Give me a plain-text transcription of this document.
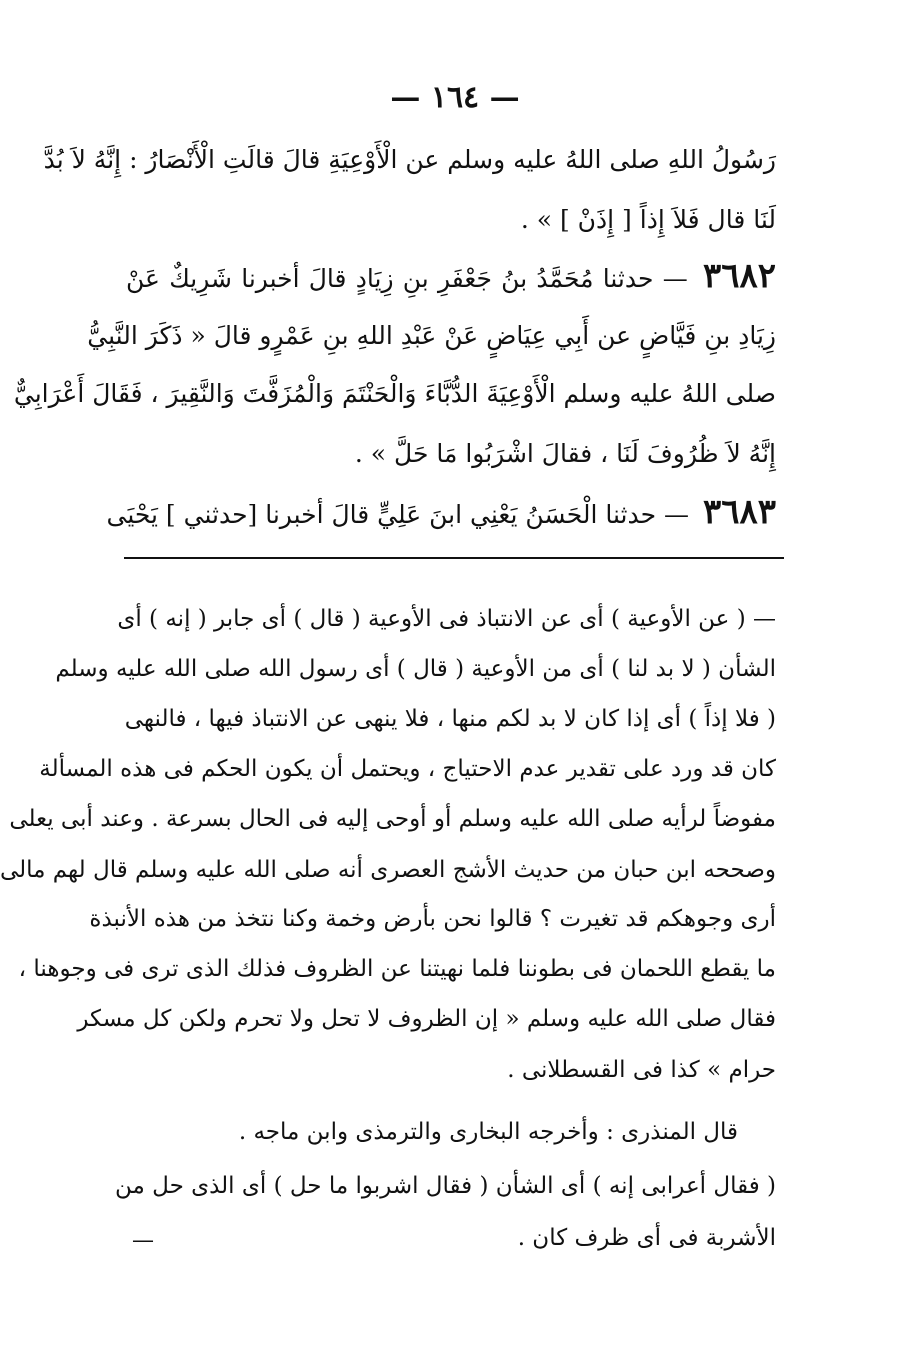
— ١٦٤ —
رَسُولُ اللهِ صلى اللهُ عليه وسلم عن الْأَوْعِيَةِ قالَ قالَتِ الْأَنْصَارُ : إِنَّهُ لاَ بُدَّ
لَنَا قال فَلاَ إِذاً [ إِذَنْ ] » .
٣٦٨٢ — حدثنا مُحَمَّدُ بنُ جَعْفَرِ بنِ زِيَادٍ قالَ أخبرنا شَرِيكٌ عَنْ
زِيَادِ بنِ فَيَّاضٍ عن أَبِي عِيَاضٍ عَنْ عَبْدِ اللهِ بنِ عَمْرٍو قالَ « ذَكَرَ النَّبِيُّ
صلى اللهُ عليه وسلم الْأَوْعِيَةَ الدُّبَّاءَ وَالْحَنْتَمَ وَالْمُزَفَّتَ وَالنَّقِيرَ ، فَقَالَ أَعْرَابِيٌّ
إِنَّهُ لاَ ظُرُوفَ لَنَا ، فقالَ اشْرَبُوا مَا حَلَّ » .
٣٦٨٣ — حدثنا الْحَسَنُ يَعْنِي ابنَ عَلِيٍّ قالَ أخبرنا [حدثني ] يَحْيَى
— ( عن الأوعية ) أى عن الانتباذ فى الأوعية ( قال ) أى جابر ( إنه ) أى
الشأن ( لا بد لنا ) أى من الأوعية ( قال ) أى رسول الله صلى الله عليه وسلم
( فلا إذاً ) أى إذا كان لا بد لكم منها ، فلا ينهى عن الانتباذ فيها ، فالنهى
كان قد ورد على تقدير عدم الاحتياج ، ويحتمل أن يكون الحكم فى هذه المسألة
مفوضاً لرأيه صلى الله عليه وسلم أو أوحى إليه فى الحال بسرعة . وعند أبى يعلى
وصححه ابن حبان من حديث الأشج العصرى أنه صلى الله عليه وسلم قال لهم مالى
أرى وجوهكم قد تغيرت ؟ قالوا نحن بأرض وخمة وكنا نتخذ من هذه الأنبذة
ما يقطع اللحمان فى بطوننا فلما نهيتنا عن الظروف فذلك الذى ترى فى وجوهنا ،
فقال صلى الله عليه وسلم « إن الظروف لا تحل ولا تحرم ولكن كل مسكر
حرام » كذا فى القسطلانى .
قال المنذرى : وأخرجه البخارى والترمذى وابن ماجه .
( فقال أعرابى إنه ) أى الشأن ( فقال اشربوا ما حل ) أى الذى حل من
الأشربة فى أى ظرف كان .
—
